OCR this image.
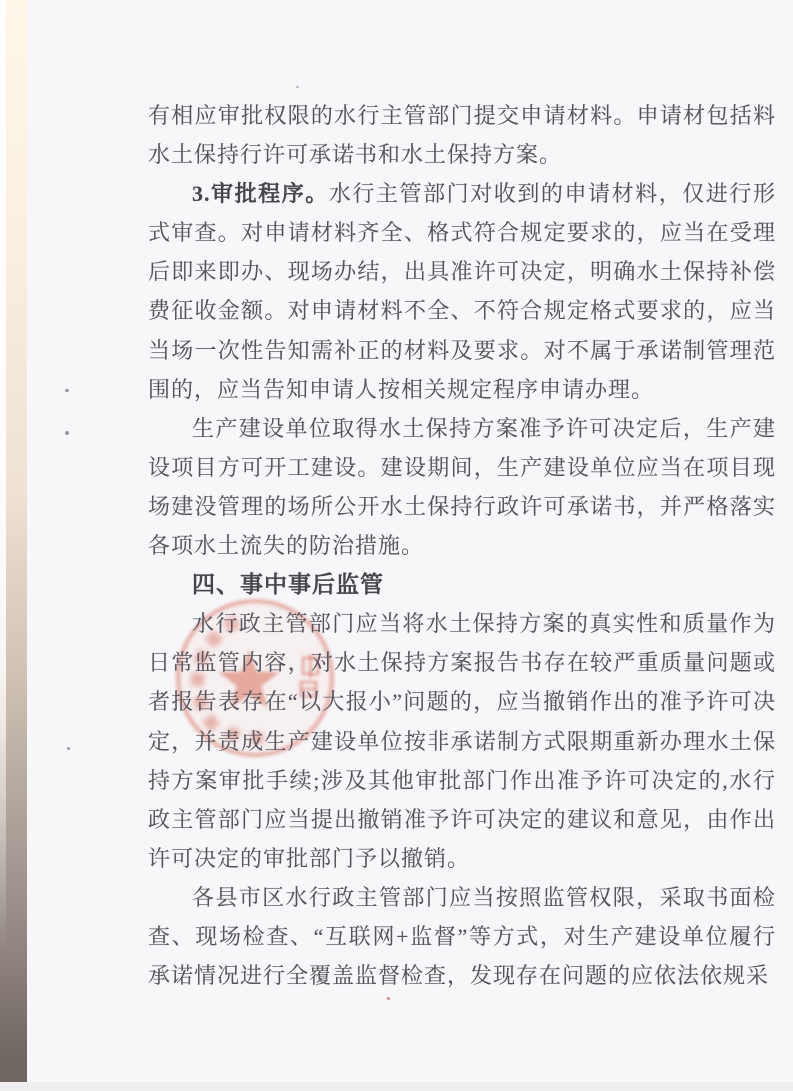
有相应审批权限的水行主管部门提交申请材料。申请材包括料水土保持行许可承诺书和水土保持方案。

3.审批程序。水行主管部门对收到的申请材料，仅进行形式审查。对申请材料齐全、格式符合规定要求的，应当在受理后即来即办、现场办结，出具准许可决定，明确水土保持补偿费征收金额。对申请材料不全、不符合规定格式要求的，应当当场一次性告知需补正的材料及要求。对不属于承诺制管理范围的，应当告知申请人按相关规定程序申请办理。

生产建设单位取得水土保持方案准予许可决定后，生产建设项目方可开工建设。建设期间，生产建设单位应当在项目现场建没管理的场所公开水土保持行政许可承诺书，并严格落实各项水土流失的防治措施。

四、事中事后监管

水行政主管部门应当将水土保持方案的真实性和质量作为日常监管内容，对水土保持方案报告书存在较严重质量问题或者报告表存在“以大报小”问题的，应当撤销作出的准予许可决定，并责成生产建设单位按非承诺制方式限期重新办理水土保持方案审批手续;涉及其他审批部门作出准予许可决定的,水行政主管部门应当提出撤销准予许可决定的建议和意见，由作出许可决定的审批部门予以撤销。

各县市区水行政主管部门应当按照监管权限，采取书面检查、现场检查、“互联网+监督”等方式，对生产建设单位履行承诺情况进行全覆盖监督检查，发现存在问题的应依法依规采
